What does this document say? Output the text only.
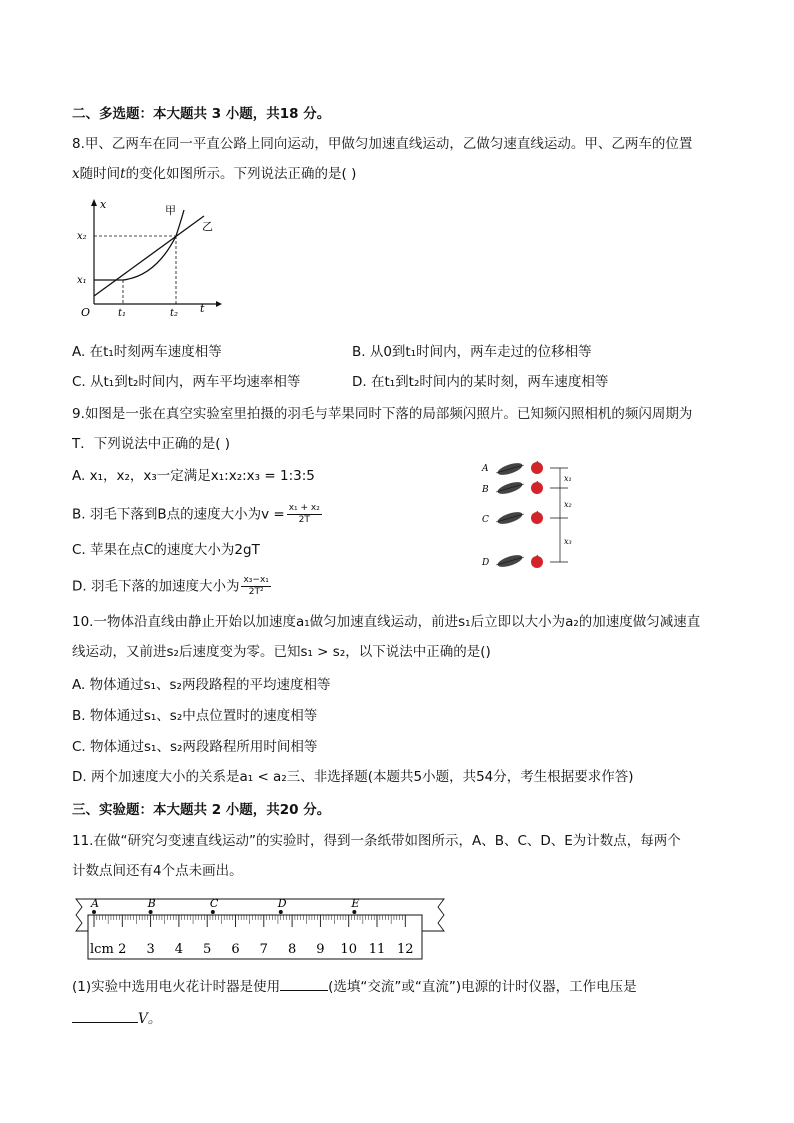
二、多选题：本大题共 3 小题，共18 分。
8.甲、乙两车在同一平直公路上同向运动，甲做匀加速直线运动，乙做匀速直线运动。甲、乙两车的位置
x随时间t的变化如图所示。下列说法正确的是( )
x
t
O
x₂
x₁
t₁	t₂
甲
乙
A. 在t₁时刻两车速度相等	B. 从0到t₁时间内，两车走过的位移相等
C. 从t₁到t₂时间内，两车平均速率相等	D. 在t₁到t₂时间内的某时刻，两车速度相等
9.如图是一张在真空实验室里拍摄的羽毛与苹果同时下落的局部频闪照片。已知频闪照相机的频闪周期为
T．下列说法中正确的是( )
A. x₁，x₂，x₃一定满足x₁:x₂:x₃ = 1:3:5
B. 羽毛下落到B点的速度大小为$v = \frac{\text{x₁ + x₂}}{2T}$
C. 苹果在点C的速度大小为2gT
D. 羽毛下落的加速度大小为 $\frac{\text{x₃−x₁}}{\text{2T²}}$
A
B
C
D
x₁
x₂
x₃
10.一物体沿直线由静止开始以加速度a₁做匀加速直线运动，前进s₁后立即以大小为a₂的加速度做匀减速直
线运动，又前进s₂后速度变为零。已知s₁ > s₂，以下说法中正确的是()
A. 物体通过s₁、s₂两段路程的平均速度相等
B. 物体通过s₁、s₂中点位置时的速度相等
C. 物体通过s₁、s₂两段路程所用时间相等
D. 两个加速度大小的关系是a₁ < a₂三、非选择题(本题共5小题，共54分，考生根据要求作答)
三、实验题：本大题共 2 小题，共20 分。
11.在做“研究匀变速直线运动”的实验时，得到一条纸带如图所示，A、B、C、D、E为计数点，每两个
计数点间还有4个点未画出。
lcm 2 3 4 5 6 7 8 9 10 11 12
A	B	C	D	E
(1)实验中选用电火花计时器是使用	(选填“交流”或“直流”)电源的计时仪器，工作电压是
V。
